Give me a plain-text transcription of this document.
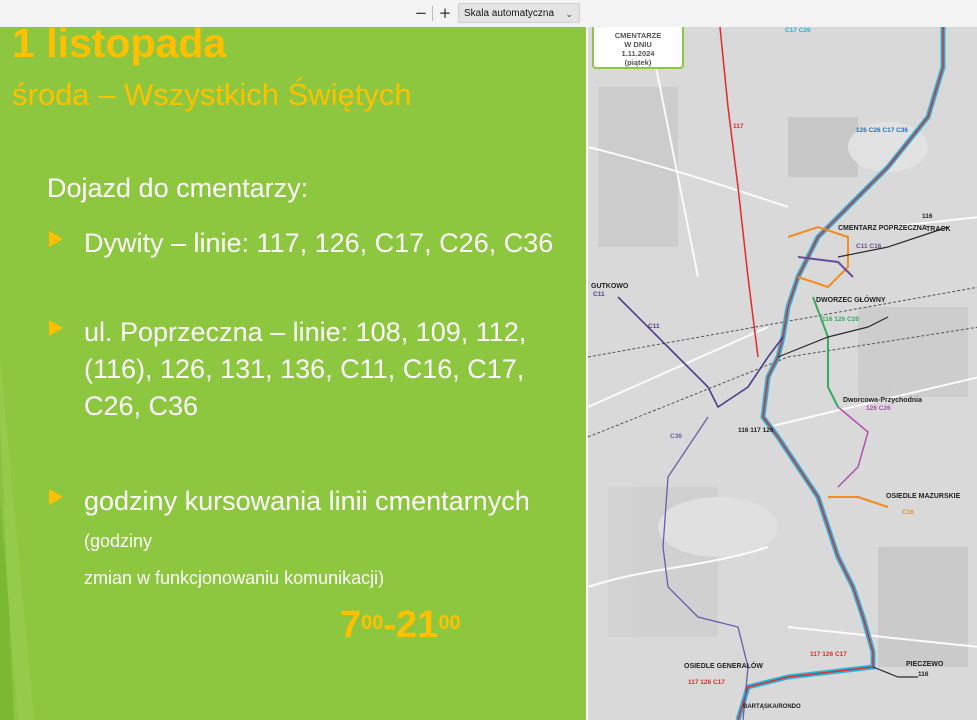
− +	Skala automatyczna ⌄
1 listopada
środa – Wszystkich Świętych
Dojazd do cmentarzy:
Dywity – linie: 117, 126, C17, C26, C36
ul. Poprzeczna – linie: 108, 109, 112, (116), 126, 131, 136, C11, C16, C17, C26, C36
godziny kursowania linii cmentarnych (godziny
zmian w funkcjonowaniu komunikacji)
$7^{00}-21^{00}$
CMENTARZE
W DNIU
1.11.2024
(piątek)
C17 C26
CMENTARZ POPRZECZNA
C11 C16
TRACK
DWORZEC GŁÓWNY
116 126 C26
GUTKOWO
C11
Dworcowa-Przychodnia
126 C26
OSIEDLE MAZURSKIE
C16
OSIEDLE GENERAŁÓW
117 126 C17
PIECZEWO
116
BARTĄSKA/RONDO
116
117
C11
C36
126 C26 C17 C36
117 126 C17
116 117 126
